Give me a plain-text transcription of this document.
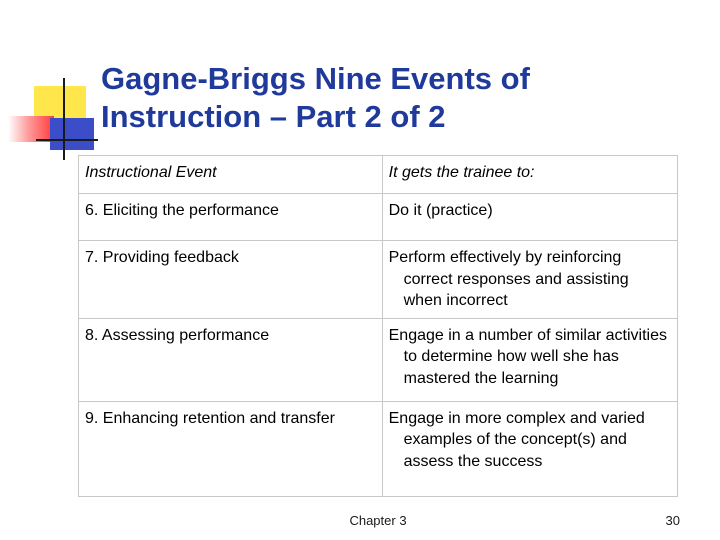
Gagne-Briggs Nine Events of
Instruction – Part 2 of 2
Instructional Event	It gets the trainee to:

6. Eliciting the performance	Do it (practice)

7. Providing feedback	Perform effectively by reinforcing correct responses and assisting when incorrect

8. Assessing performance	Engage in a number of similar activities to determine how well she has mastered the learning

9. Enhancing retention and transfer	Engage in more complex and varied examples of the concept(s) and assess the success
Chapter 3	30
